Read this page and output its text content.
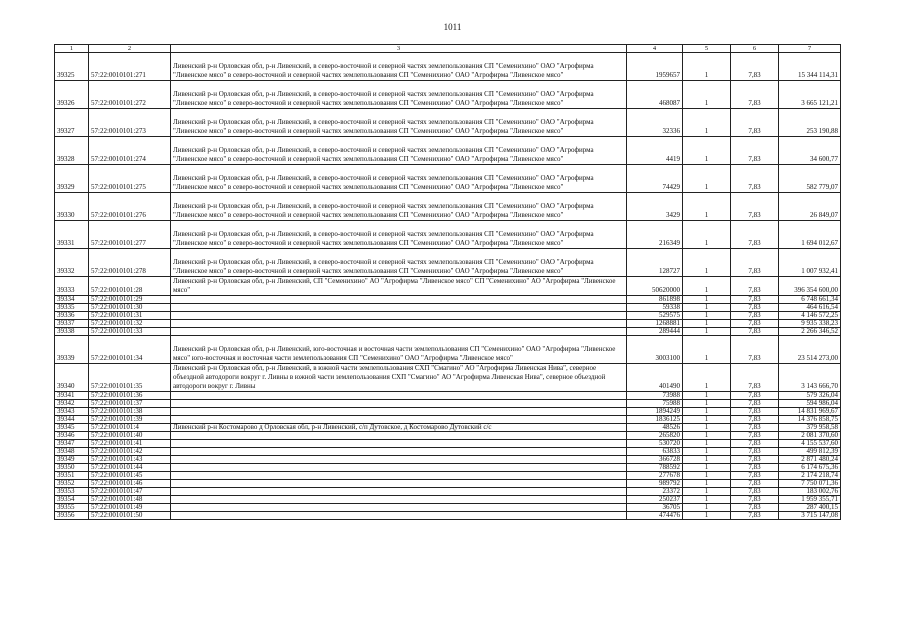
1011
1	2	3	4	5	6	7
39325	57:22:0010101:271	Ливенский р-н Орловская обл, р-н Ливенский, в северо-восточной и северной частях землепользования СП "Семенихино" ОАО "Агрофирма "Ливенское мясо" в северо-восточной и северной частях землепользования СП "Семенихино" ОАО "Агрофирма "Ливенское мясо"	1959657	1	7,83	15 344 114,31
39326	57:22:0010101:272	Ливенский р-н Орловская обл, р-н Ливенский, в северо-восточной и северной частях землепользования СП "Семенихино" ОАО "Агрофирма "Ливенское мясо" в северо-восточной и северной частях землепользования СП "Семенихино" ОАО "Агрофирма "Ливенское мясо"	468087	1	7,83	3 665 121,21
39327	57:22:0010101:273	Ливенский р-н Орловская обл, р-н Ливенский, в северо-восточной и северной частях землепользования СП "Семенихино" ОАО "Агрофирма "Ливенское мясо" в северо-восточной и северной частях землепользования СП "Семенихино" ОАО "Агрофирма "Ливенское мясо"	32336	1	7,83	253 190,88
39328	57:22:0010101:274	Ливенский р-н Орловская обл, р-н Ливенский, в северо-восточной и северной частях землепользования СП "Семенихино" ОАО "Агрофирма "Ливенское мясо" в северо-восточной и северной частях землепользования СП "Семенихино" ОАО "Агрофирма "Ливенское мясо"	4419	1	7,83	34 600,77
39329	57:22:0010101:275	Ливенский р-н Орловская обл, р-н Ливенский, в северо-восточной и северной частях землепользования СП "Семенихино" ОАО "Агрофирма "Ливенское мясо" в северо-восточной и северной частях землепользования СП "Семенихино" ОАО "Агрофирма "Ливенское мясо"	74429	1	7,83	582 779,07
39330	57:22:0010101:276	Ливенский р-н Орловская обл, р-н Ливенский, в северо-восточной и северной частях землепользования СП "Семенихино" ОАО "Агрофирма "Ливенское мясо" в северо-восточной и северной частях землепользования СП "Семенихино" ОАО "Агрофирма "Ливенское мясо"	3429	1	7,83	26 849,07
39331	57:22:0010101:277	Ливенский р-н Орловская обл, р-н Ливенский, в северо-восточной и северной частях землепользования СП "Семенихино" ОАО "Агрофирма "Ливенское мясо" в северо-восточной и северной частях землепользования СП "Семенихино" ОАО "Агрофирма "Ливенское мясо"	216349	1	7,83	1 694 012,67
39332	57:22:0010101:278	Ливенский р-н Орловская обл, р-н Ливенский, в северо-восточной и северной частях землепользования СП "Семенихино" ОАО "Агрофирма "Ливенское мясо" в северо-восточной и северной частях землепользования СП "Семенихино" ОАО "Агрофирма "Ливенское мясо"	128727	1	7,83	1 007 932,41
39333	57:22:0010101:28	Ливенский р-н Орловская обл, р-н Ливенский, СП "Семенихино" АО "Агрофирма "Ливенское мясо" СП "Семенихино" АО "Агрофирма "Ливенское мясо"	50620000	1	7,83	396 354 600,00
39334	57:22:0010101:29		861898	1	7,83	6 748 661,34
39335	57:22:0010101:30		59338	1	7,83	464 616,54
39336	57:22:0010101:31		529575	1	7,83	4 146 572,25
39337	57:22:0010101:32		1268881	1	7,83	9 935 338,23
39338	57:22:0010101:33		289444	1	7,83	2 266 346,52
39339	57:22:0010101:34	Ливенский р-н Орловская обл, р-н Ливенский, юго-восточная и восточная части землепользования СП "Семенихино" ОАО "Агрофирма "Ливенское мясо" юго-восточная и восточная части землепользования СП "Семенихино" ОАО "Агрофирма "Ливенское мясо"	3003100	1	7,83	23 514 273,00
39340	57:22:0010101:35	Ливенский р-н Орловская обл, р-н Ливенский, в южной части землепользования СХП "Смагино" АО "Агрофирма Ливенская Нива", северное объездной автодороги вокруг г. Ливны в южной части землепользования СХП "Смагино" АО "Агрофирма Ливенская Нива", северное объездной автодороги вокруг г. Ливны	401490	1	7,83	3 143 666,70
39341	57:22:0010101:36		73988	1	7,83	579 326,04
39342	57:22:0010101:37		75988	1	7,83	594 986,04
39343	57:22:0010101:38		1894249	1	7,83	14 831 969,67
39344	57:22:0010101:39		1836125	1	7,83	14 376 858,75
39345	57:22:0010101:4	Ливенский р-н Костомарово д Орловская обл, р-н Ливенский, с/п Дутовское, д Костомарово Дутовский с/с	48526	1	7,83	379 958,58
39346	57:22:0010101:40		265820	1	7,83	2 081 370,60
39347	57:22:0010101:41		530720	1	7,83	4 155 537,60
39348	57:22:0010101:42		63833	1	7,83	499 812,39
39349	57:22:0010101:43		366728	1	7,83	2 871 480,24
39350	57:22:0010101:44		788592	1	7,83	6 174 675,36
39351	57:22:0010101:45		277678	1	7,83	2 174 218,74
39352	57:22:0010101:46		989792	1	7,83	7 750 071,36
39353	57:22:0010101:47		23372	1	7,83	183 002,76
39354	57:22:0010101:48		250237	1	7,83	1 959 355,71
39355	57:22:0010101:49		36705	1	7,83	287 400,15
39356	57:22:0010101:50		474476	1	7,83	3 715 147,08
